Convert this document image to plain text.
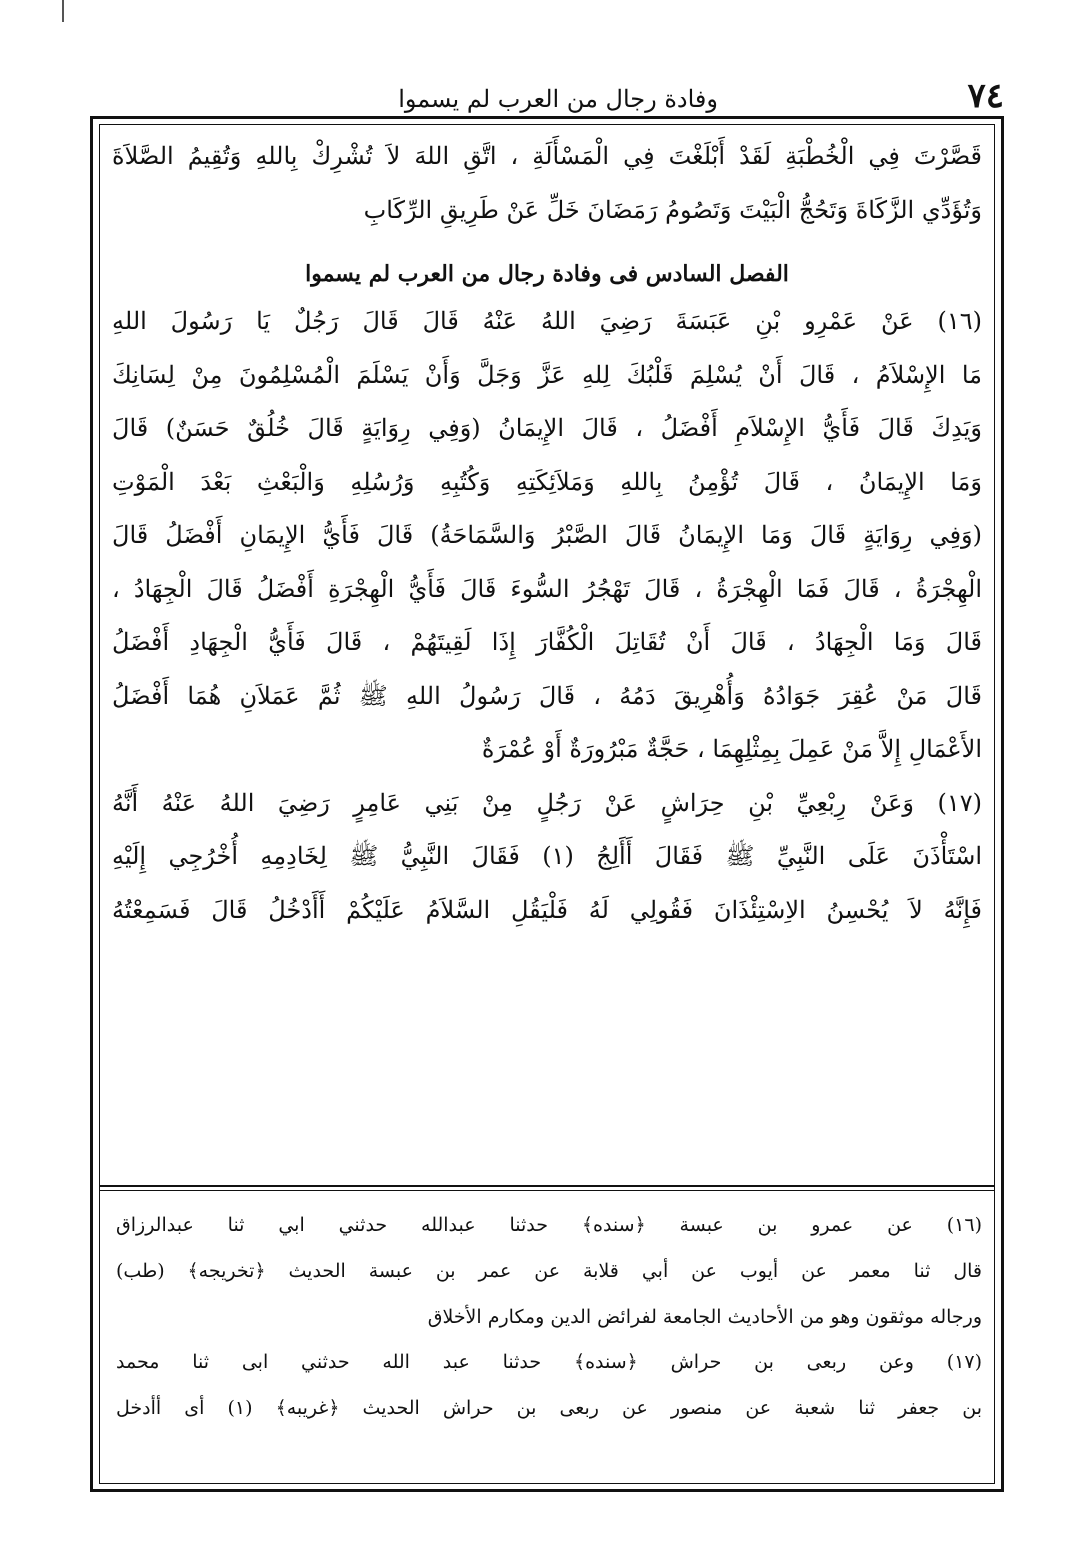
٧٤
وفادة رجال من العرب لم يسموا
قَصَّرْتَ فِي الْخُطْبَةِ لَقَدْ أَبْلَغْتَ فِي الْمَسْأَلَةِ ، اتَّقِ اللهَ لاَ تُشْرِكْ بِاللهِ وَتُقِيمُ الصَّلاَةَ
وَتُؤَدِّي الزَّكَاةَ وَتَحُجُّ الْبَيْتَ وَتَصُومُ رَمَضَانَ خَلِّ عَنْ طَرِيقِ الرِّكَابِ
الفصل السادس فى وفادة رجال من العرب لم يسموا
(١٦) عَنْ عَمْرِو بْنِ عَبَسَةَ رَضِيَ اللهُ عَنْهُ قَالَ قَالَ رَجُلٌ يَا رَسُولَ اللهِ
مَا الإِسْلاَمُ ، قَالَ أَنْ يُسْلِمَ قَلْبُكَ لِلهِ عَزَّ وَجَلَّ وَأَنْ يَسْلَمَ الْمُسْلِمُونَ مِنْ لِسَانِكَ
وَيَدِكَ قَالَ فَأَيُّ الإِسْلاَمِ أَفْضَلُ ، قَالَ الإِيمَانُ (وَفِي رِوَايَةٍ قَالَ خُلُقٌ حَسَنٌ) قَالَ
وَمَا الإِيمَانُ ، قَالَ تُؤْمِنُ بِاللهِ وَمَلاَئِكَتِهِ وَكُتُبِهِ وَرُسُلِهِ وَالْبَعْثِ بَعْدَ الْمَوْتِ
(وَفِي رِوَايَةٍ قَالَ وَمَا الإِيمَانُ قَالَ الصَّبْرُ وَالسَّمَاحَةُ) قَالَ فَأَيُّ الإِيمَانِ أَفْضَلُ قَالَ
الْهِجْرَةُ ، قَالَ فَمَا الْهِجْرَةُ ، قَالَ تَهْجُرُ السُّوءَ قَالَ فَأَيُّ الْهِجْرَةِ أَفْضَلُ قَالَ الْجِهَادُ ،
قَالَ وَمَا الْجِهَادُ ، قَالَ أَنْ تُقَاتِلَ الْكُفَّارَ إِذَا لَقِيتَهُمْ ، قَالَ فَأَيُّ الْجِهَادِ أَفْضَلُ
قَالَ مَنْ عُقِرَ جَوَادُهُ وَأُهْرِيقَ دَمُهُ ، قَالَ رَسُولُ اللهِ ﷺ ثُمَّ عَمَلاَنِ هُمَا أَفْضَلُ
الأَعْمَالِ إِلاَّ مَنْ عَمِلَ بِمِثْلِهِمَا ، حَجَّةٌ مَبْرُورَةٌ أَوْ عُمْرَةٌ
(١٧) وَعَنْ رِبْعِيِّ بْنِ حِرَاشٍ عَنْ رَجُلٍ مِنْ بَنِي عَامِرٍ رَضِيَ اللهُ عَنْهُ أَنَّهُ
اسْتَأْذَنَ عَلَى النَّبِيِّ ﷺ فَقَالَ أَأَلِجُ (١) فَقَالَ النَّبِيُّ ﷺ لِخَادِمِهِ أُخْرُجِي إِلَيْهِ
فَإِنَّهُ لاَ يُحْسِنُ الاِسْتِئْذَانَ فَقُولِي لَهُ فَلْيَقُلِ السَّلاَمُ عَلَيْكُمْ أَأَدْخُلُ قَالَ فَسَمِعْتُهُ
(١٦) عن عمرو بن عبسة ﴿سنده﴾ حدثنا عبدالله حدثني ابي ثنا عبدالرزاق
قال ثنا معمر عن أيوب عن أبي قلابة عن عمر بن عبسة الحديث ﴿تخريجه﴾ (طب)
ورجاله موثقون وهو من الأحاديث الجامعة لفرائض الدين ومكارم الأخلاق
(١٧) وعن ربعى بن حراش ﴿سنده﴾ حدثنا عبد الله حدثني ابى ثنا محمد
بن جعفر ثنا شعبة عن منصور عن ربعى بن حراش الحديث ﴿غريبه﴾ (١) أى أأدخل
